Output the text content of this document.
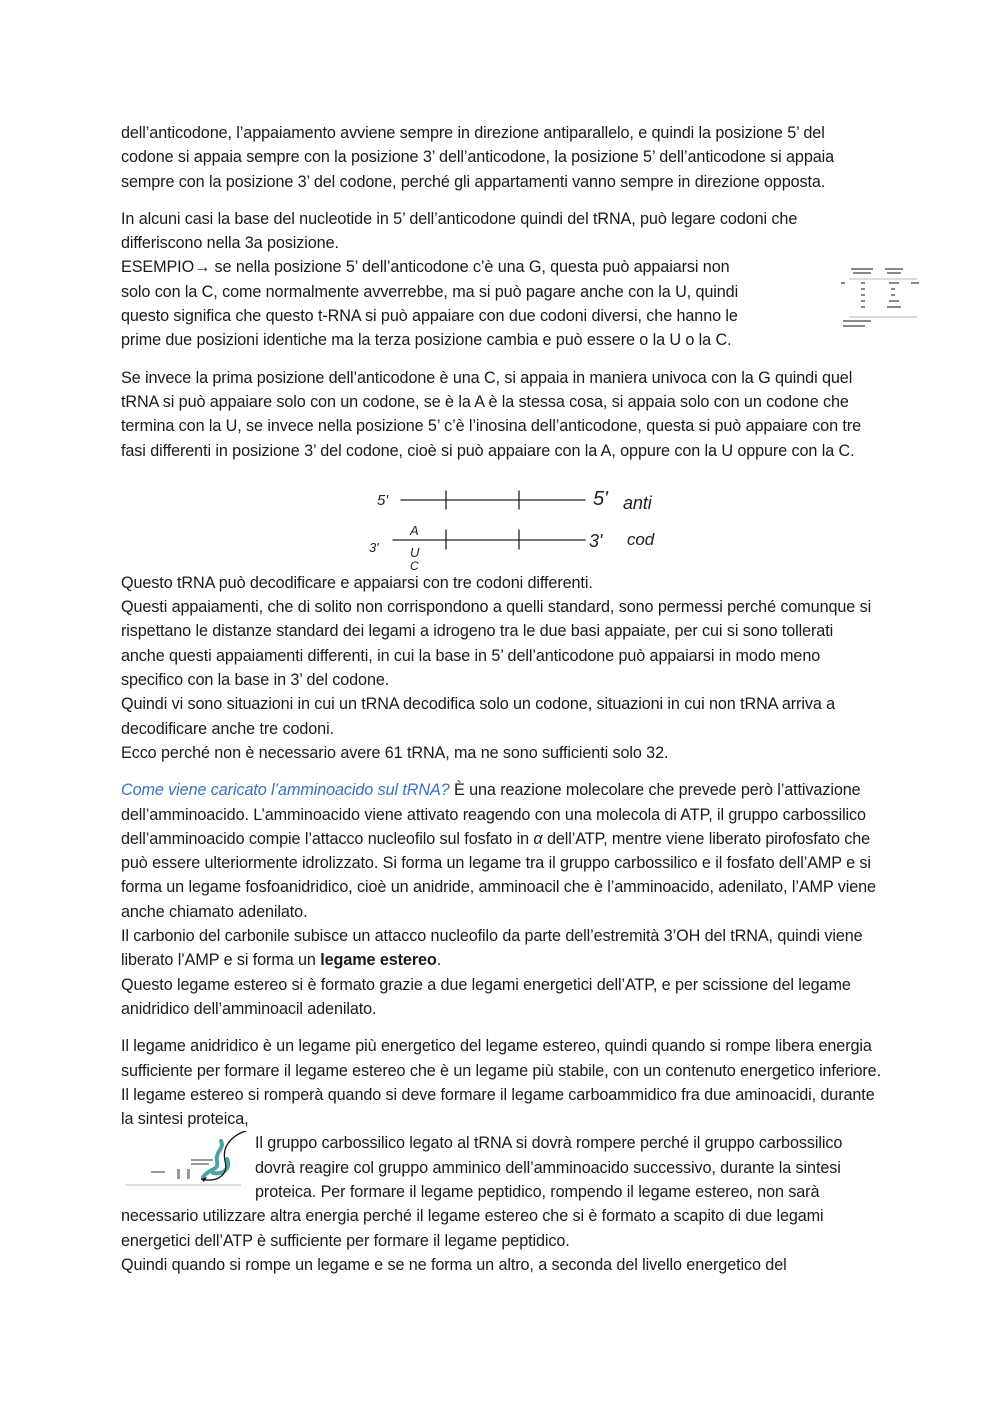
dell’anticodone, l’appaiamento avviene sempre in direzione antiparallelo, e quindi la posizione 5’ del codone si appaia sempre con la posizione 3’ dell’anticodone, la posizione 5’ dell’anticodone si appaia sempre con la posizione 3’ del codone, perché gli appartamenti vanno sempre in direzione opposta.

In alcuni casi la base del nucleotide in 5’ dell’anticodone quindi del tRNA, può legare codoni che differiscono nella 3a posizione.

ESEMPIO→ se nella posizione 5’ dell’anticodone c’è una G, questa può appaiarsi non solo con la C, come normalmente avverrebbe, ma si può pagare anche con la U, quindi questo significa che questo t-RNA si può appaiare con due codoni diversi, che hanno le prime due posizioni identiche ma la terza posizione cambia e può essere o la U o la C.

Se invece la prima posizione dell’anticodone è una C, si appaia in maniera univoca con la G quindi quel tRNA si può appaiare solo con un codone, se è la A è la stessa cosa, si appaia solo con un codone che termina con la U, se invece nella posizione 5’ c’è l’inosina dell’anticodone, questa si può appaiare con tre fasi differenti in posizione 3’ del codone, cioè si può appaiare con la A, oppure con la U oppure con la C.

5'	5' anti
3'	3' cod
A
U
C

Questo tRNA può decodificare e appaiarsi con tre codoni differenti.

Questi appaiamenti, che di solito non corrispondono a quelli standard, sono permessi perché comunque si rispettano le distanze standard dei legami a idrogeno tra le due basi appaiate, per cui si sono tollerati anche questi appaiamenti differenti, in cui la base in 5’ dell’anticodone può appaiarsi in modo meno specifico con la base in 3’ del codone.

Quindi vi sono situazioni in cui un tRNA decodifica solo un codone, situazioni in cui non tRNA arriva a decodificare anche tre codoni.

Ecco perché non è necessario avere 61 tRNA, ma ne sono sufficienti solo 32.

Come viene caricato l’amminoacido sul tRNA? È una reazione molecolare che prevede però l’attivazione dell’amminoacido. L’amminoacido viene attivato reagendo con una molecola di ATP, il gruppo carbossilico dell’amminoacido compie l’attacco nucleofilo sul fosfato in α dell’ATP, mentre viene liberato pirofosfato che può essere ulteriormente idrolizzato. Si forma un legame tra il gruppo carbossilico e il fosfato dell’AMP e si forma un legame fosfoanidridico, cioè un anidride, amminoacil che è l’amminoacido, adenilato, l’AMP viene anche chiamato adenilato.

Il carbonio del carbonile subisce un attacco nucleofilo da parte dell’estremità 3’OH del tRNA, quindi viene liberato l’AMP e si forma un legame estereo.

Questo legame estereo si è formato grazie a due legami energetici dell’ATP, e per scissione del legame anidridico dell’amminoacil adenilato.

Il legame anidridico è un legame più energetico del legame estereo, quindi quando si rompe libera energia sufficiente per formare il legame estereo che è un legame più stabile, con un contenuto energetico inferiore. Il legame estereo si romperà quando si deve formare il legame carboammidico fra due aminoacidi, durante la sintesi proteica,

Il gruppo carbossilico legato al tRNA si dovrà rompere perché il gruppo carbossilico dovrà reagire col gruppo amminico dell’amminoacido successivo, durante la sintesi proteica. Per formare il legame peptidico, rompendo il legame estereo, non sarà necessario utilizzare altra energia perché il legame estereo che si è formato a scapito di due legami energetici dell’ATP è sufficiente per formare il legame peptidico.

Quindi quando si rompe un legame e se ne forma un altro, a seconda del livello energetico del
